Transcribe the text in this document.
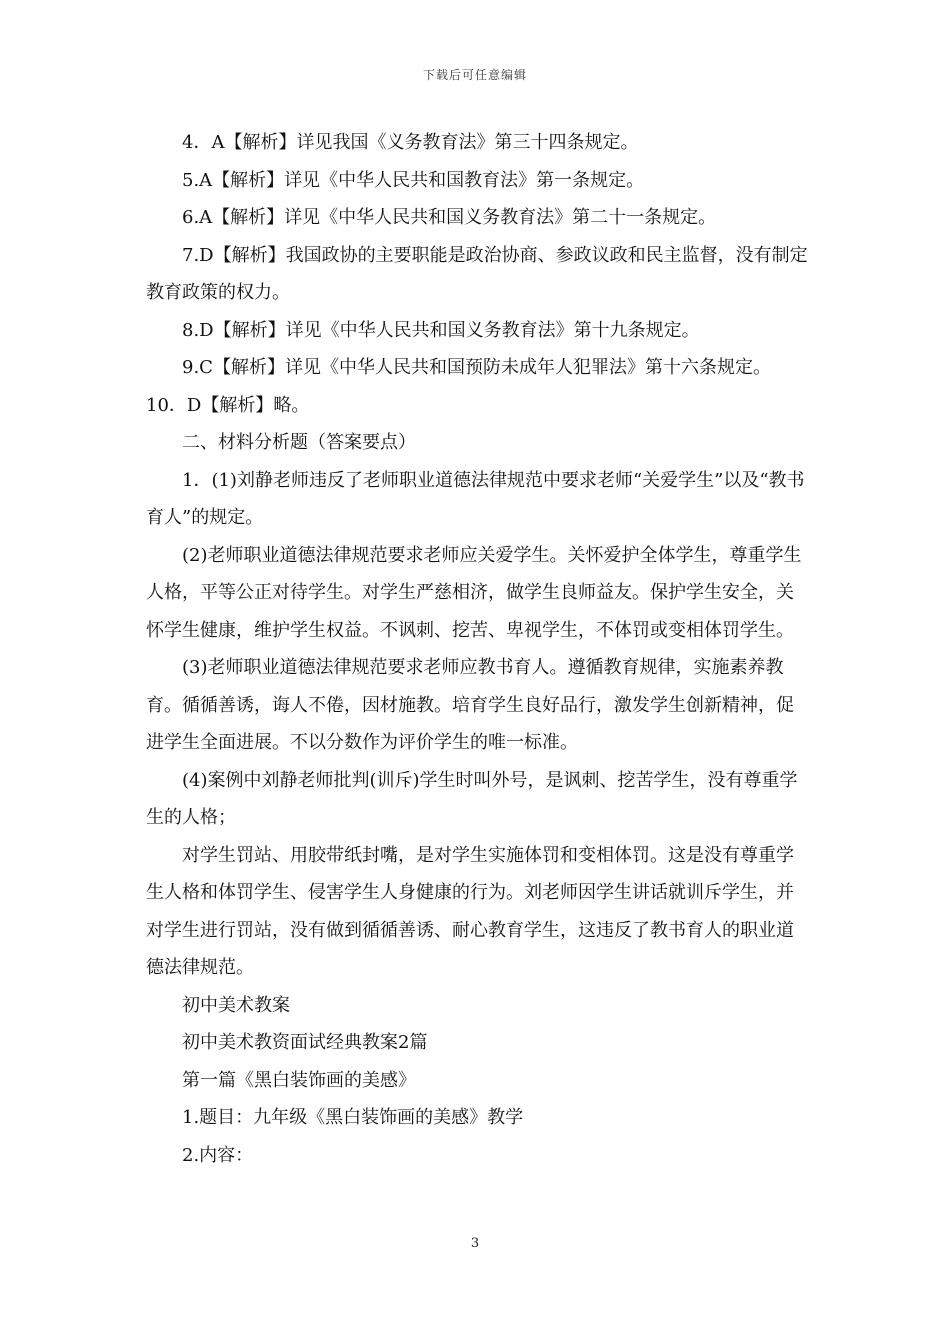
下载后可任意编辑

4．A【解析】详见我国《义务教育法》第三十四条规定。

5.A【解析】详见《中华人民共和国教育法》第一条规定。

6.A【解析】详见《中华人民共和国义务教育法》第二十一条规定。

7.D【解析】我国政协的主要职能是政治协商、参政议政和民主监督，没有制定教育政策的权力。

8.D【解析】详见《中华人民共和国义务教育法》第十九条规定。

9.C【解析】详见《中华人民共和国预防未成年人犯罪法》第十六条规定。

10．D【解析】略。

二、材料分析题（答案要点）

1．(1)刘静老师违反了老师职业道德法律规范中要求老师“关爱学生”以及“教书育人”的规定。

(2)老师职业道德法律规范要求老师应关爱学生。关怀爱护全体学生，尊重学生人格，平等公正对待学生。对学生严慈相济，做学生良师益友。保护学生安全，关怀学生健康，维护学生权益。不讽刺、挖苦、卑视学生，不体罚或变相体罚学生。

(3)老师职业道德法律规范要求老师应教书育人。遵循教育规律，实施素养教育。循循善诱，诲人不倦，因材施教。培育学生良好品行，激发学生创新精神，促进学生全面进展。不以分数作为评价学生的唯一标准。

(4)案例中刘静老师批判(训斥)学生时叫外号，是讽刺、挖苦学生，没有尊重学生的人格；

对学生罚站、用胶带纸封嘴，是对学生实施体罚和变相体罚。这是没有尊重学生人格和体罚学生、侵害学生人身健康的行为。刘老师因学生讲话就训斥学生，并对学生进行罚站，没有做到循循善诱、耐心教育学生，这违反了教书育人的职业道德法律规范。

初中美术教案

初中美术教资面试经典教案2篇

第一篇《黑白装饰画的美感》

1.题目：九年级《黑白装饰画的美感》教学

2.内容：

3
